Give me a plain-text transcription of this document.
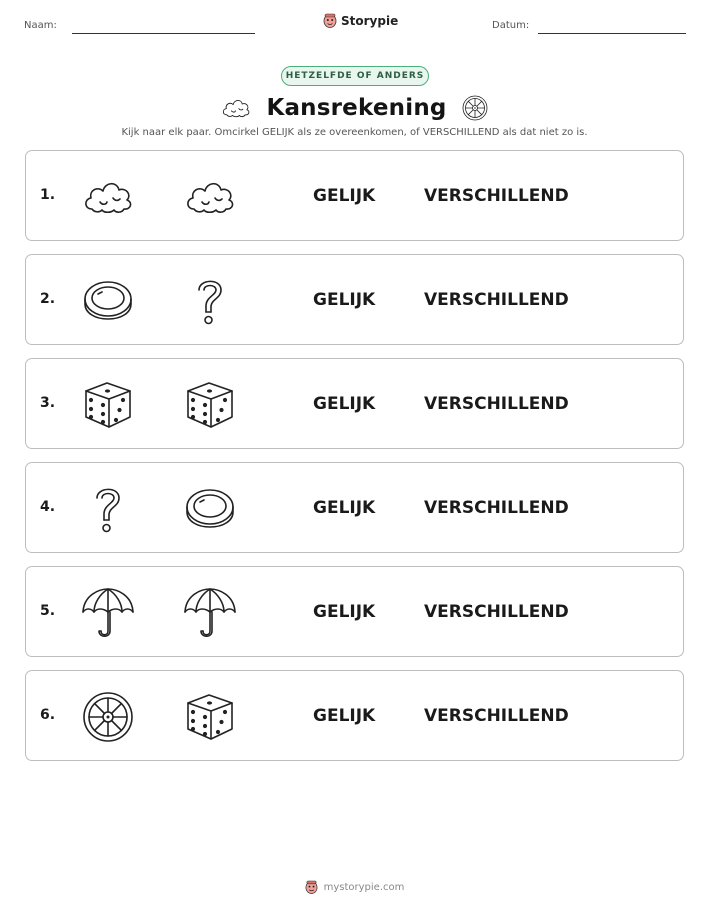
Naam:	Storypie	Datum:
HETZELFDE OF ANDERS
Kansrekening
Kijk naar elk paar. Omcirkel GELIJK als ze overeenkomen, of VERSCHILLEND als dat niet zo is.
1.	GELIJK	VERSCHILLEND
2.	GELIJK	VERSCHILLEND
3.	GELIJK	VERSCHILLEND
4.	GELIJK	VERSCHILLEND
5.	GELIJK	VERSCHILLEND
6.	GELIJK	VERSCHILLEND
mystorypie.com
